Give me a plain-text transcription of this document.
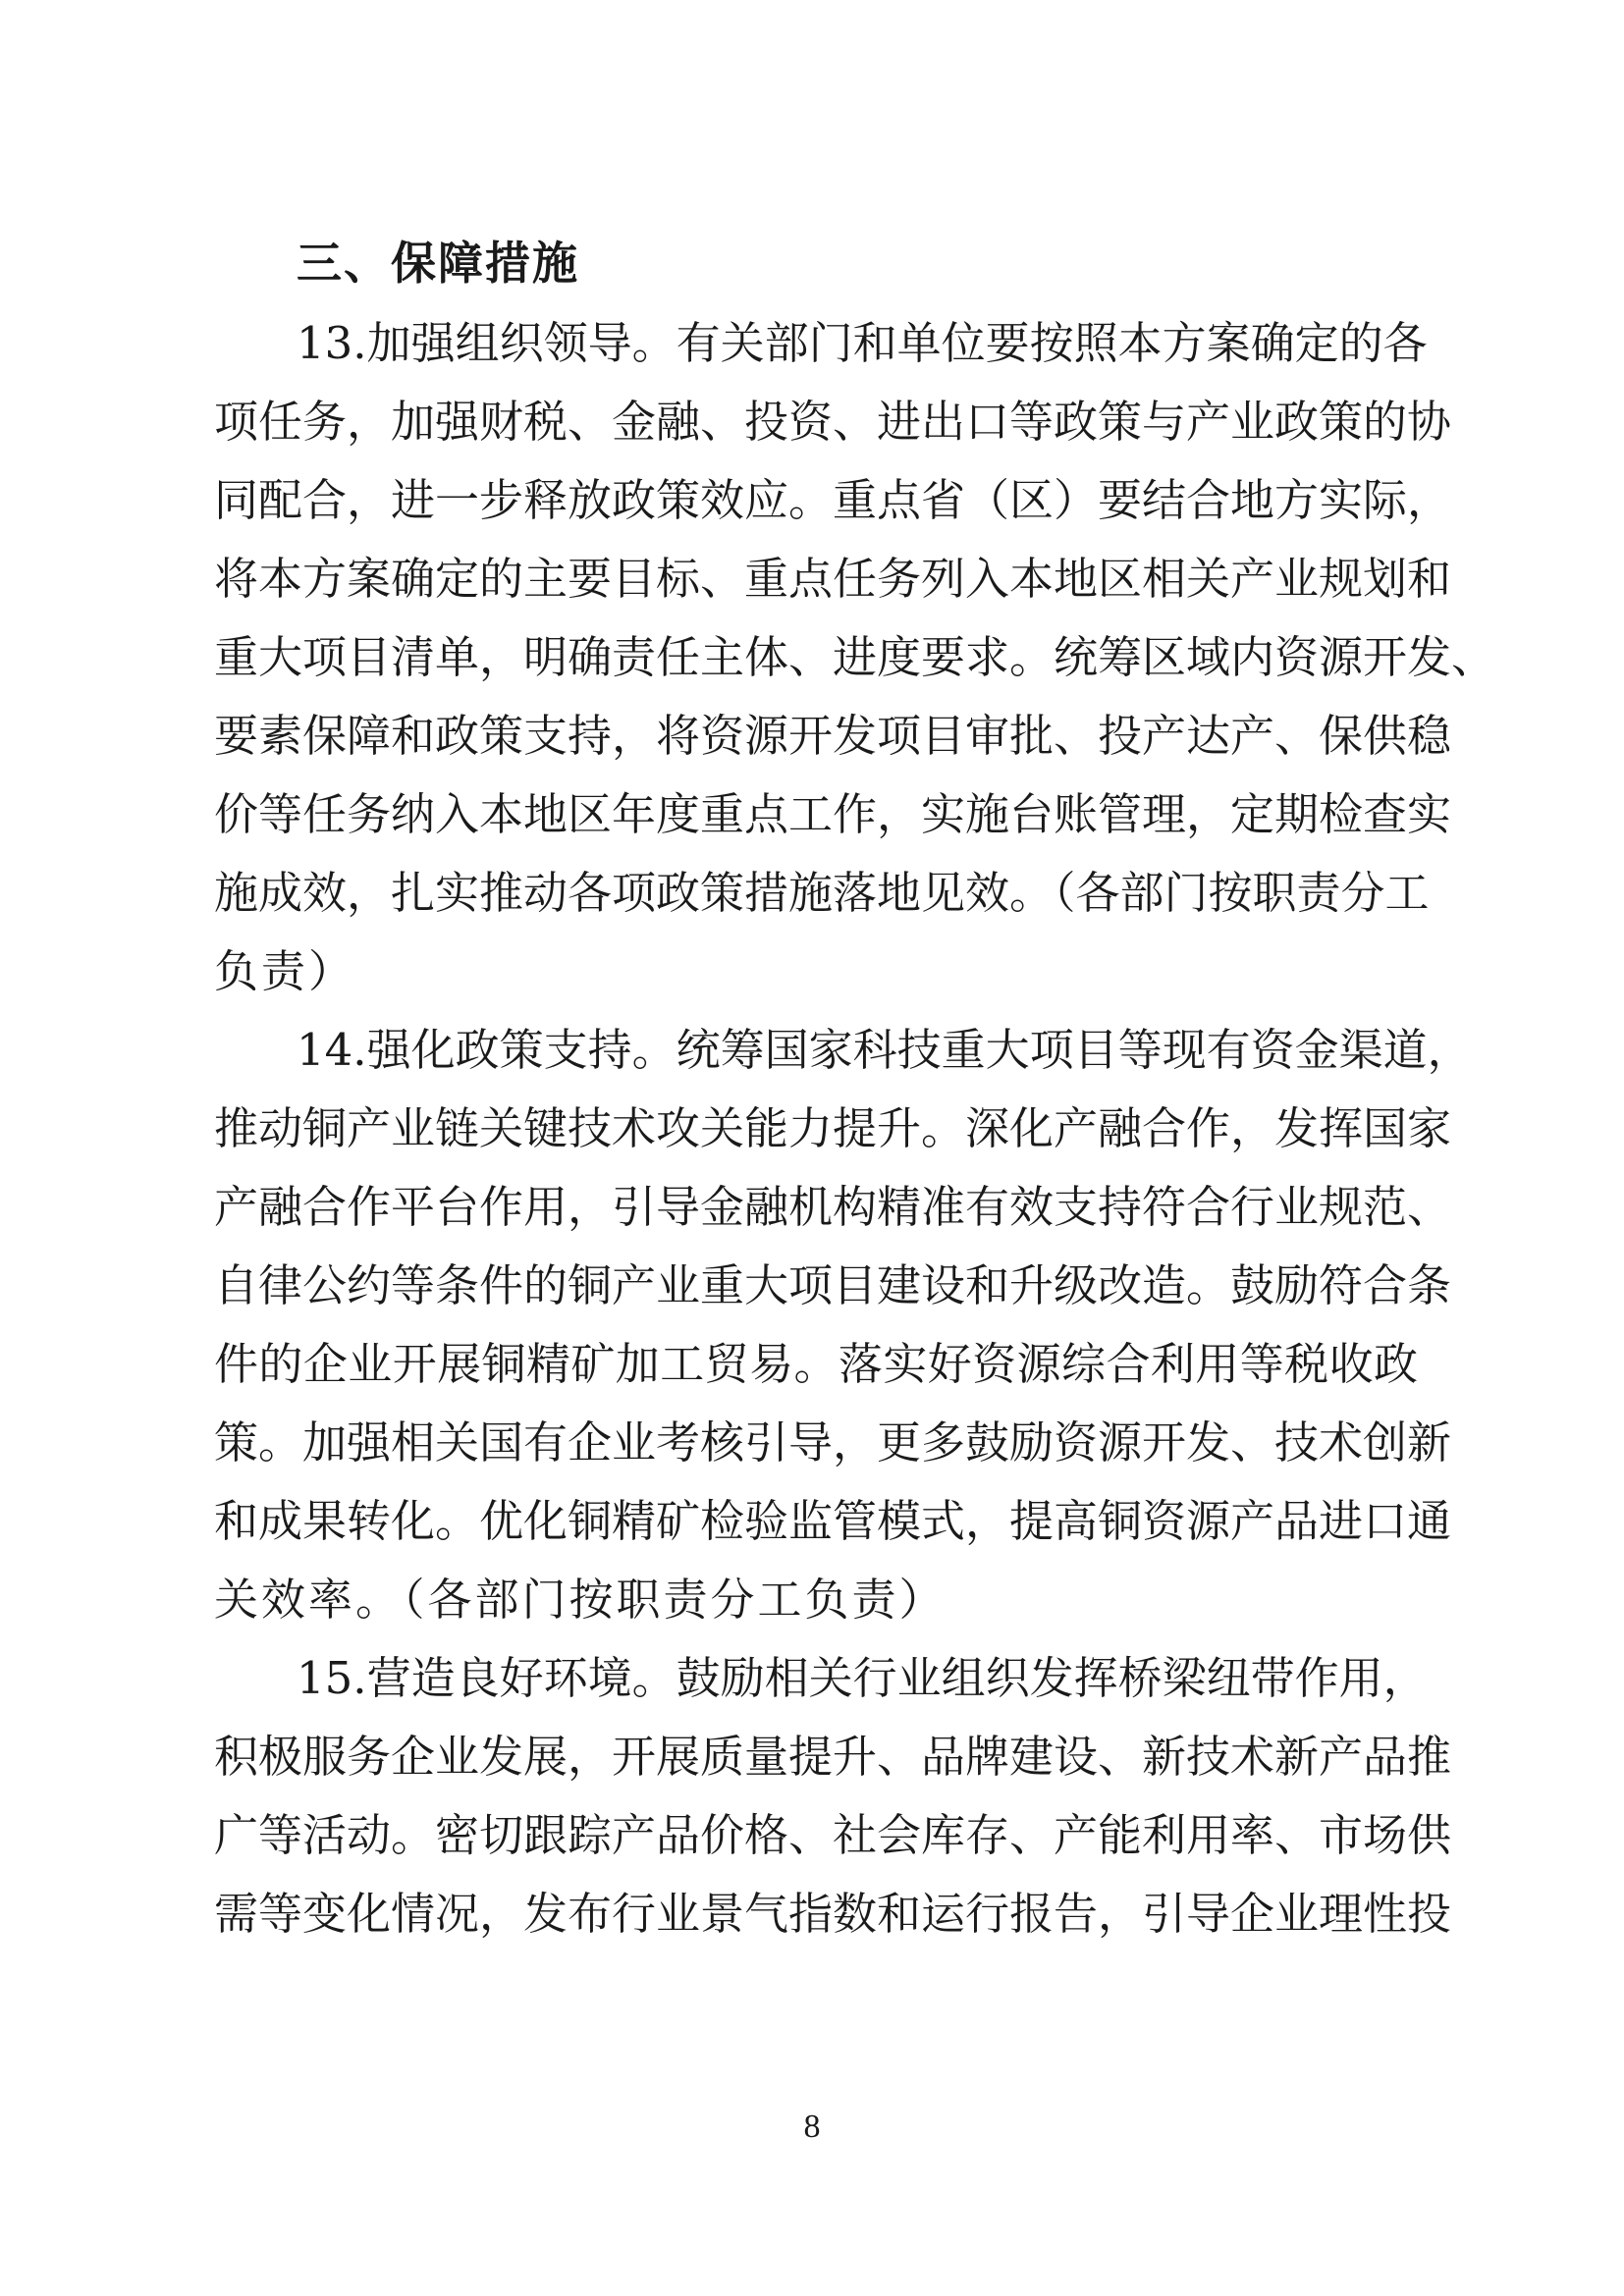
三、保障措施
13.加强组织领导。有关部门和单位要按照本方案确定的各
项任务，加强财税、金融、投资、进出口等政策与产业政策的协
同配合，进一步释放政策效应。重点省（区）要结合地方实际，
将本方案确定的主要目标、重点任务列入本地区相关产业规划和
重大项目清单，明确责任主体、进度要求。统筹区域内资源开发、
要素保障和政策支持，将资源开发项目审批、投产达产、保供稳
价等任务纳入本地区年度重点工作，实施台账管理，定期检查实
施成效，扎实推动各项政策措施落地见效。（各部门按职责分工
负责）
14.强化政策支持。统筹国家科技重大项目等现有资金渠道，
推动铜产业链关键技术攻关能力提升。深化产融合作，发挥国家
产融合作平台作用，引导金融机构精准有效支持符合行业规范、
自律公约等条件的铜产业重大项目建设和升级改造。鼓励符合条
件的企业开展铜精矿加工贸易。落实好资源综合利用等税收政
策。加强相关国有企业考核引导，更多鼓励资源开发、技术创新
和成果转化。优化铜精矿检验监管模式，提高铜资源产品进口通
关效率。（各部门按职责分工负责）
15.营造良好环境。鼓励相关行业组织发挥桥梁纽带作用，
积极服务企业发展，开展质量提升、品牌建设、新技术新产品推
广等活动。密切跟踪产品价格、社会库存、产能利用率、市场供
需等变化情况，发布行业景气指数和运行报告，引导企业理性投
8
